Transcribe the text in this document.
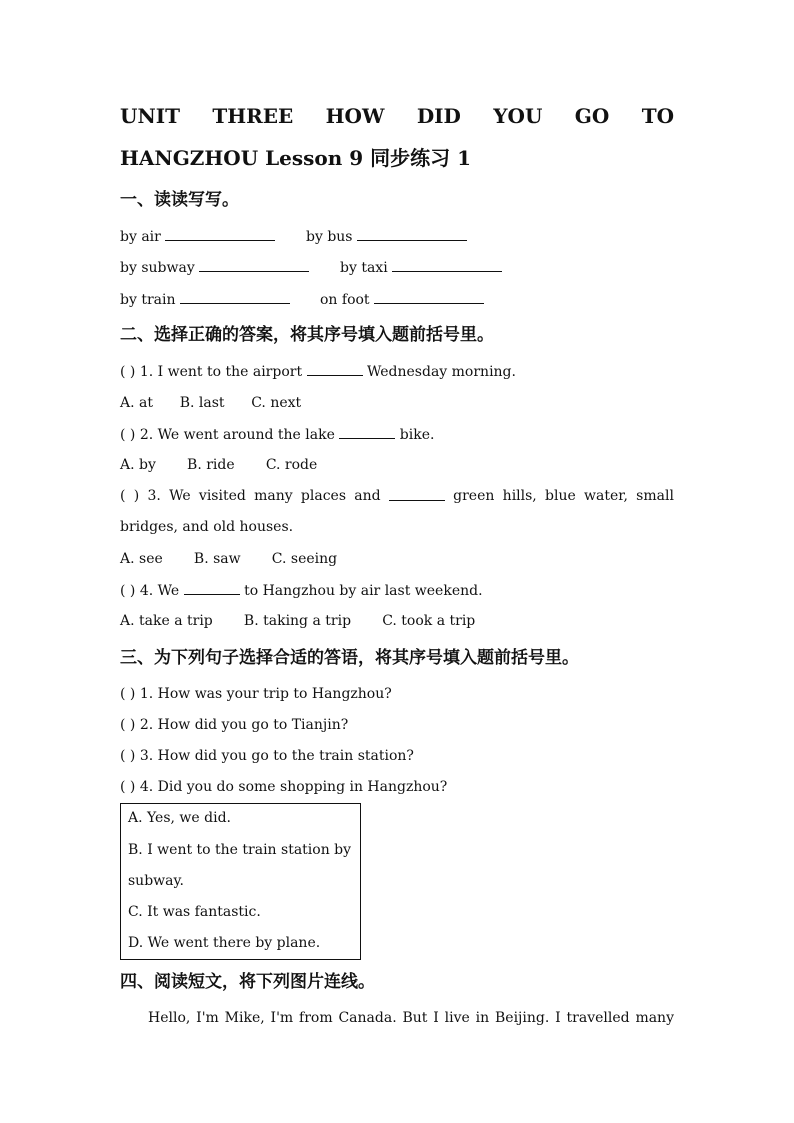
UNIT THREE HOW DID YOU GO TO
HANGZHOU Lesson 9 同步练习 1
一、读读写写。
by air	by bus
by subway	by taxi
by train	on foot
二、选择正确的答案，将其序号填入题前括号里。
( ) 1. I went to the airport	Wednesday morning.
A. at B. last C. next
( ) 2. We went around the lake	bike.
A. by B. ride C. rode
( ) 3. We visited many places and	green hills, blue water, small
bridges, and old houses.
A. see B. saw C. seeing
( ) 4. We	to Hangzhou by air last weekend.
A. take a trip B. taking a trip C. took a trip
三、为下列句子选择合适的答语，将其序号填入题前括号里。
( ) 1. How was your trip to Hangzhou?
( ) 2. How did you go to Tianjin?
( ) 3. How did you go to the train station?
( ) 4. Did you do some shopping in Hangzhou?
A. Yes, we did.
B. I went to the train station by
subway.
C. It was fantastic.
D. We went there by plane.
四、阅读短文，将下列图片连线。
Hello, I'm Mike, I'm from Canada. But I live in Beijing. I travelled many
